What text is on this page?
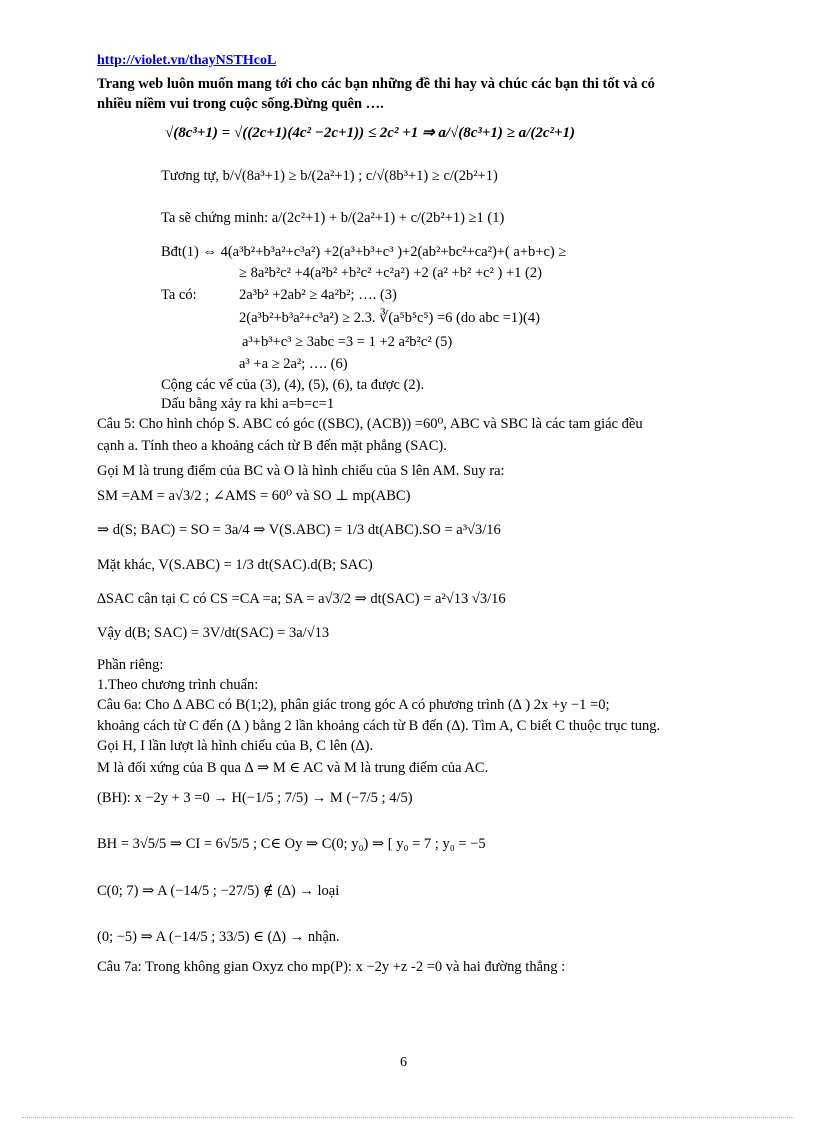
http://violet.vn/thayNSTHcoL
Trang web luôn muốn mang tới cho các bạn những đề thi hay và chúc các bạn thi tốt và có
nhiều niềm vui trong cuộc sống.Đừng quên ….
√(8c³+1) = √((2c+1)(4c² −2c+1)) ≤ 2c² +1 ⇒ a/√(8c³+1) ≥ a/(2c²+1)
Tương tự, b/√(8a³+1) ≥ b/(2a²+1) ; c/√(8b³+1) ≥ c/(2b²+1)
Ta sẽ chứng minh: a/(2c²+1) + b/(2a²+1) + c/(2b²+1) ≥1 (1)
Bđt(1) ⇔ 4(a³b²+b³a²+c³a²) +2(a³+b³+c³ )+2(ab²+bc²+ca²)+( a+b+c) ≥
≥ 8a²b²c² +4(a²b² +b²c² +c²a²) +2 (a² +b² +c² ) +1 (2)
Ta có:	2a³b² +2ab² ≥ 4a²b²; …. (3)
2(a³b²+b³a²+c³a²) ≥ 2.3. ∛(a⁵b⁵c⁵) =6 (do abc =1)(4)
a³+b³+c³ ≥ 3abc =3 = 1 +2 a²b²c² (5)
a³ +a ≥ 2a²; …. (6)
Cộng các vế của (3), (4), (5), (6), ta được (2).
Dấu bằng xảy ra khi a=b=c=1
Câu 5: Cho hình chóp S. ABC có góc ((SBC), (ACB)) =60⁰, ABC và SBC là các tam giác đều
cạnh a. Tính theo a khoảng cách từ B đến mặt phẳng (SAC).
Gọi M là trung điểm của BC và O là hình chiếu của S lên AM. Suy ra:
SM =AM = a√3/2 ; ∠AMS = 60⁰ và SO ⊥ mp(ABC)
⇒ d(S; BAC) = SO = 3a/4 ⇒ V(S.ABC) = 1/3 dt(ABC).SO = a³√3/16
Mặt khác, V(S.ABC) = 1/3 dt(SAC).d(B; SAC)
∆SAC cân tại C có CS =CA =a; SA = a√3/2 ⇒ dt(SAC) = a²√13 √3/16
Vậy d(B; SAC) = 3V/dt(SAC) = 3a/√13
Phần riêng:
1.Theo chương trình chuẩn:
Câu 6a: Cho ∆ ABC có B(1;2), phân giác trong góc A có phương trình (∆ ) 2x +y −1 =0;
khoảng cách từ C đến (∆ ) bằng 2 lần khoảng cách từ B đến (∆). Tìm A, C biết C thuộc trục tung.
Gọi H, I lần lượt là hình chiếu của B, C lên (∆).
M là đối xứng của B qua ∆ ⇒ M ∈ AC và M là trung điểm của AC.
(BH): x −2y + 3 =0 → H(−1/5 ; 7/5) → M (−7/5 ; 4/5)
BH = 3√5/5 ⇒ CI = 6√5/5 ; C∈ Oy ⇒ C(0; y₀) ⇒ [ y₀ = 7 ; y₀ = −5
C(0; 7) ⇒ A (−14/5 ; −27/5) ∉ (∆) → loại
(0; −5) ⇒ A (−14/5 ; 33/5) ∈ (∆) → nhận.
Câu 7a: Trong không gian Oxyz cho mp(P): x −2y +z -2 =0 và hai đường thẳng :
6
